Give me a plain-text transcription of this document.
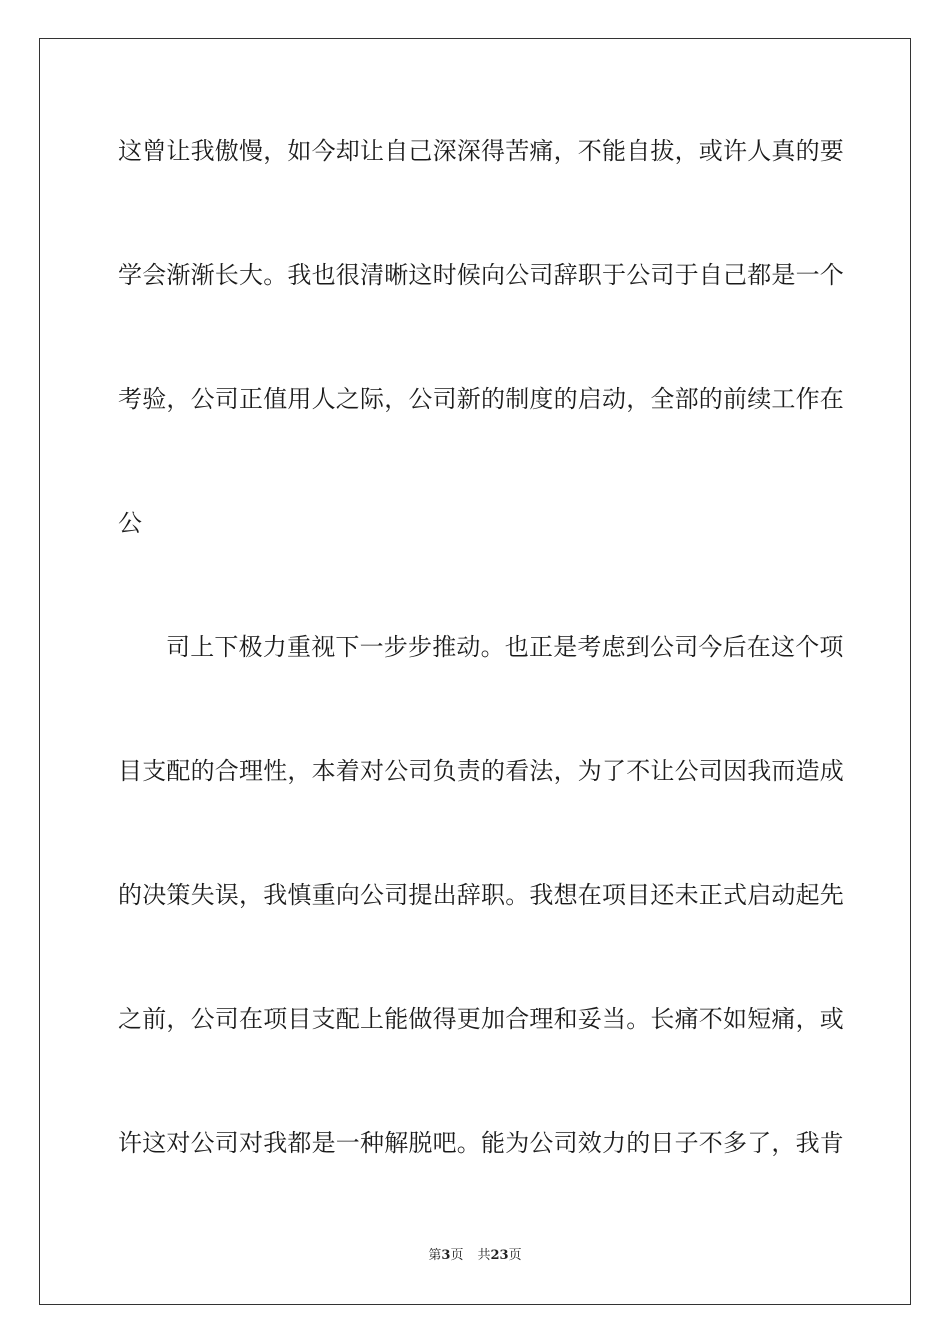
这曾让我傲慢，如今却让自己深深得苦痛，不能自拔，或许人真的要
学会渐渐长大。我也很清晰这时候向公司辞职于公司于自己都是一个
考验，公司正值用人之际，公司新的制度的启动，全部的前续工作在
公
司上下极力重视下一步步推动。也正是考虑到公司今后在这个项
目支配的合理性，本着对公司负责的看法，为了不让公司因我而造成
的决策失误，我慎重向公司提出辞职。我想在项目还未正式启动起先
之前，公司在项目支配上能做得更加合理和妥当。长痛不如短痛，或
许这对公司对我都是一种解脱吧。能为公司效力的日子不多了，我肯
第3页 共23页
